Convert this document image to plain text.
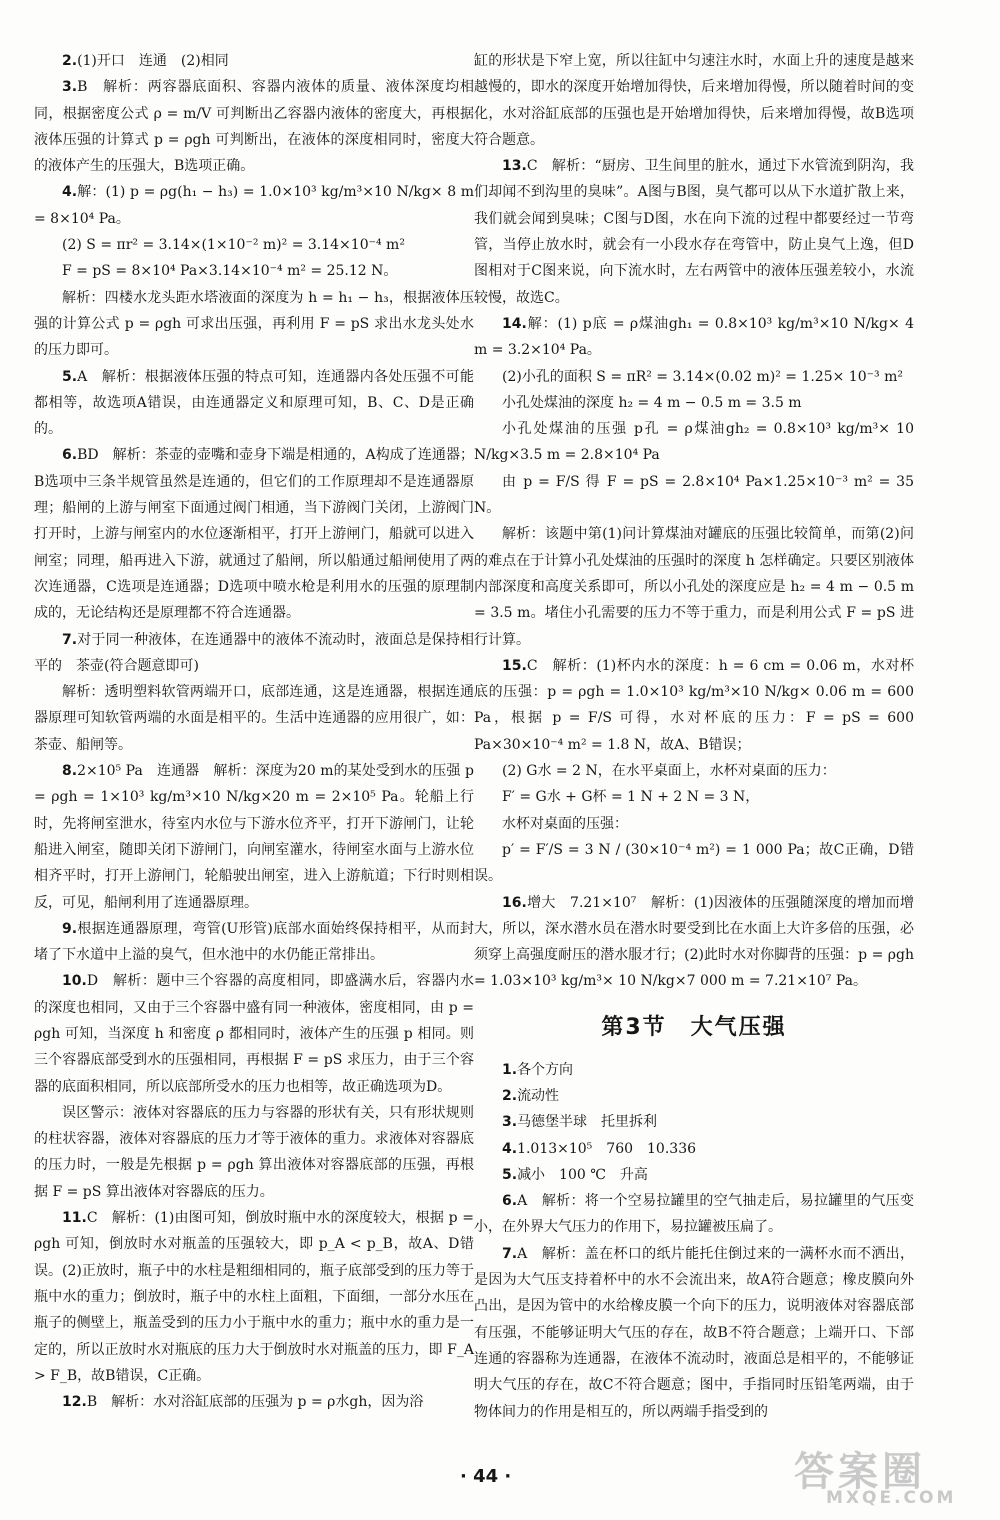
2.(1)开口　连通　(2)相同

3.B　解析：两容器底面积、容器内液体的质量、液体深度均相同，根据密度公式 ρ = m/V 可判断出乙容器内液体的密度大，再根据液体压强的计算式 p = ρgh 可判断出，在液体的深度相同时，密度大的液体产生的压强大，B选项正确。

4.解：(1) p = ρg(h₁ − h₃) = 1.0×10³ kg/m³×10 N/kg× 8 m = 8×10⁴ Pa。

(2) S = πr² = 3.14×(1×10⁻² m)² = 3.14×10⁻⁴ m²

F = pS = 8×10⁴ Pa×3.14×10⁻⁴ m² = 25.12 N。

解析：四楼水龙头距水塔液面的深度为 h = h₁ − h₃，根据液体压强的计算公式 p = ρgh 可求出压强，再利用 F = pS 求出水龙头处水的压力即可。

5.A　解析：根据液体压强的特点可知，连通器内各处压强不可能都相等，故选项A错误，由连通器定义和原理可知，B、C、D是正确的。

6.BD　解析：茶壶的壶嘴和壶身下端是相通的，A构成了连通器；B选项中三条半规管虽然是连通的，但它们的工作原理却不是连通器原理；船闸的上游与闸室下面通过阀门相通，当下游阀门关闭，上游阀门打开时，上游与闸室内的水位逐渐相平，打开上游闸门，船就可以进入闸室；同理，船再进入下游，就通过了船闸，所以船通过船闸使用了两次连通器，C选项是连通器；D选项中喷水枪是利用水的压强的原理制成的，无论结构还是原理都不符合连通器。

7.对于同一种液体，在连通器中的液体不流动时，液面总是保持相平的　茶壶(符合题意即可)

解析：透明塑料软管两端开口，底部连通，这是连通器，根据连通器原理可知软管两端的水面是相平的。生活中连通器的应用很广，如：茶壶、船闸等。

8.2×10⁵ Pa　连通器　解析：深度为20 m的某处受到水的压强 p = ρgh = 1×10³ kg/m³×10 N/kg×20 m = 2×10⁵ Pa。轮船上行时，先将闸室泄水，待室内水位与下游水位齐平，打开下游闸门，让轮船进入闸室，随即关闭下游闸门，向闸室灌水，待闸室水面与上游水位相齐平时，打开上游闸门，轮船驶出闸室，进入上游航道；下行时则相反，可见，船闸利用了连通器原理。

9.根据连通器原理，弯管(U形管)底部水面始终保持相平，从而封堵了下水道中上溢的臭气，但水池中的水仍能正常排出。

10.D　解析：题中三个容器的高度相同，即盛满水后，容器内水的深度也相同，又由于三个容器中盛有同一种液体，密度相同，由 p = ρgh 可知，当深度 h 和密度 ρ 都相同时，液体产生的压强 p 相同。则三个容器底部受到水的压强相同，再根据 F = pS 求压力，由于三个容器的底面积相同，所以底部所受水的压力也相等，故正确选项为D。

误区警示：液体对容器底的压力与容器的形状有关，只有形状规则的柱状容器，液体对容器底的压力才等于液体的重力。求液体对容器底的压力时，一般是先根据 p = ρgh 算出液体对容器底部的压强，再根据 F = pS 算出液体对容器底的压力。

11.C　解析：(1)由图可知，倒放时瓶中水的深度较大，根据 p = ρgh 可知，倒放时水对瓶盖的压强较大，即 p_A < p_B，故A、D错误。(2)正放时，瓶子中的水柱是粗细相同的，瓶子底部受到的压力等于瓶中水的重力；倒放时，瓶子中的水柱上面粗，下面细，一部分水压在瓶子的侧壁上，瓶盖受到的压力小于瓶中水的重力；瓶中水的重力是一定的，所以正放时水对瓶底的压力大于倒放时水对瓶盖的压力，即 F_A > F_B，故B错误，C正确。

12.B　解析：水对浴缸底部的压强为 p = ρ水gh，因为浴

缸的形状是下窄上宽，所以往缸中匀速注水时，水面上升的速度是越来越慢的，即水的深度开始增加得快，后来增加得慢，所以随着时间的变化，水对浴缸底部的压强也是开始增加得快，后来增加得慢，故B选项符合题意。

13.C　解析：“厨房、卫生间里的脏水，通过下水管流到阴沟，我们却闻不到沟里的臭味”。A图与B图，臭气都可以从下水道扩散上来，我们就会闻到臭味；C图与D图，水在向下流的过程中都要经过一节弯管，当停止放水时，就会有一小段水存在弯管中，防止臭气上逸，但D图相对于C图来说，向下流水时，左右两管中的液体压强差较小，水流较慢，故选C。

14.解：(1) p底 = ρ煤油gh₁ = 0.8×10³ kg/m³×10 N/kg× 4 m = 3.2×10⁴ Pa。

(2)小孔的面积 S = πR² = 3.14×(0.02 m)² = 1.25× 10⁻³ m²

小孔处煤油的深度 h₂ = 4 m − 0.5 m = 3.5 m

小孔处煤油的压强 p孔 = ρ煤油gh₂ = 0.8×10³ kg/m³× 10 N/kg×3.5 m = 2.8×10⁴ Pa

由 p = F/S 得 F = pS = 2.8×10⁴ Pa×1.25×10⁻³ m² = 35 N。

解析：该题中第(1)问计算煤油对罐底的压强比较简单，而第(2)问的难点在于计算小孔处煤油的压强时的深度 h 怎样确定。只要区别液体内部深度和高度关系即可，所以小孔处的深度应是 h₂ = 4 m − 0.5 m = 3.5 m。堵住小孔需要的压力不等于重力，而是利用公式 F = pS 进行计算。

15.C　解析：(1)杯内水的深度：h = 6 cm = 0.06 m，水对杯底的压强：p = ρgh = 1.0×10³ kg/m³×10 N/kg× 0.06 m = 600 Pa，根据 p = F/S 可得，水对杯底的压力：F = pS = 600 Pa×30×10⁻⁴ m² = 1.8 N，故A、B错误；

(2) G水 = 2 N，在水平桌面上，水杯对桌面的压力：

F′ = G水 + G杯 = 1 N + 2 N = 3 N，

水杯对桌面的压强：

p′ = F′/S = 3 N / (30×10⁻⁴ m²) = 1 000 Pa；故C正确，D错误。

16.增大　7.21×10⁷　解析：(1)因液体的压强随深度的增加而增大，所以，深水潜水员在潜水时要受到比在水面上大许多倍的压强，必须穿上高强度耐压的潜水服才行；(2)此时水对你脚背的压强：p = ρgh = 1.03×10³ kg/m³× 10 N/kg×7 000 m = 7.21×10⁷ Pa。

第3节　大气压强

1.各个方向

2.流动性

3.马德堡半球　托里拆利

4.1.013×10⁵　760　10.336

5.减小　100 ℃　升高

6.A　解析：将一个空易拉罐里的空气抽走后，易拉罐里的气压变小，在外界大气压力的作用下，易拉罐被压扁了。

7.A　解析：盖在杯口的纸片能托住倒过来的一满杯水而不洒出，是因为大气压支持着杯中的水不会流出来，故A符合题意；橡皮膜向外凸出，是因为管中的水给橡皮膜一个向下的压力，说明液体对容器底部有压强，不能够证明大气压的存在，故B不符合题意；上端开口、下部连通的容器称为连通器，在液体不流动时，液面总是相平的，不能够证明大气压的存在，故C不符合题意；图中，手指同时压铅笔两端，由于物体间力的作用是相互的，所以两端手指受到的

· 44 ·	答案圈
MXQE.COM
